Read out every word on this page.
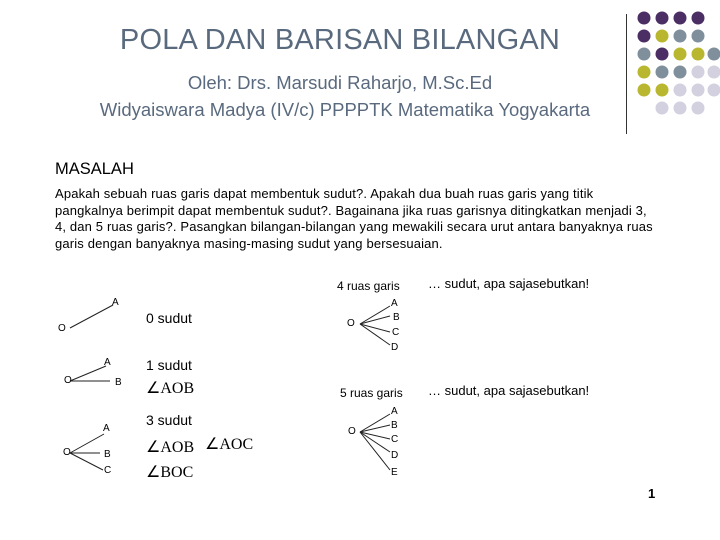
POLA DAN BARISAN BILANGAN
Oleh: Drs. Marsudi Raharjo, M.Sc.Ed
Widyaiswara Madya (IV/c) PPPPTK Matematika Yogyakarta
MASALAH
Apakah sebuah ruas garis dapat membentuk sudut?. Apakah dua buah ruas garis yang titik pangkalnya berimpit dapat membentuk sudut?. Bagainana jika ruas garisnya ditingkatkan menjadi 3, 4, dan 5 ruas garis?. Pasangkan bilangan-bilangan yang mewakili secara urut antara banyaknya ruas garis dengan banyaknya masing-masing sudut yang bersesuaian.
A
O
0 sudut
A
O	B
1 sudut
∠AOB
A
O	B
C
3 sudut
∠AOB ∠AOC
∠BOC
4 ruas garis … sudut, apa sajasebutkan!
O
A
B
C
D
5 ruas garis … sudut, apa sajasebutkan!
O
A
B
C
D
E
1
